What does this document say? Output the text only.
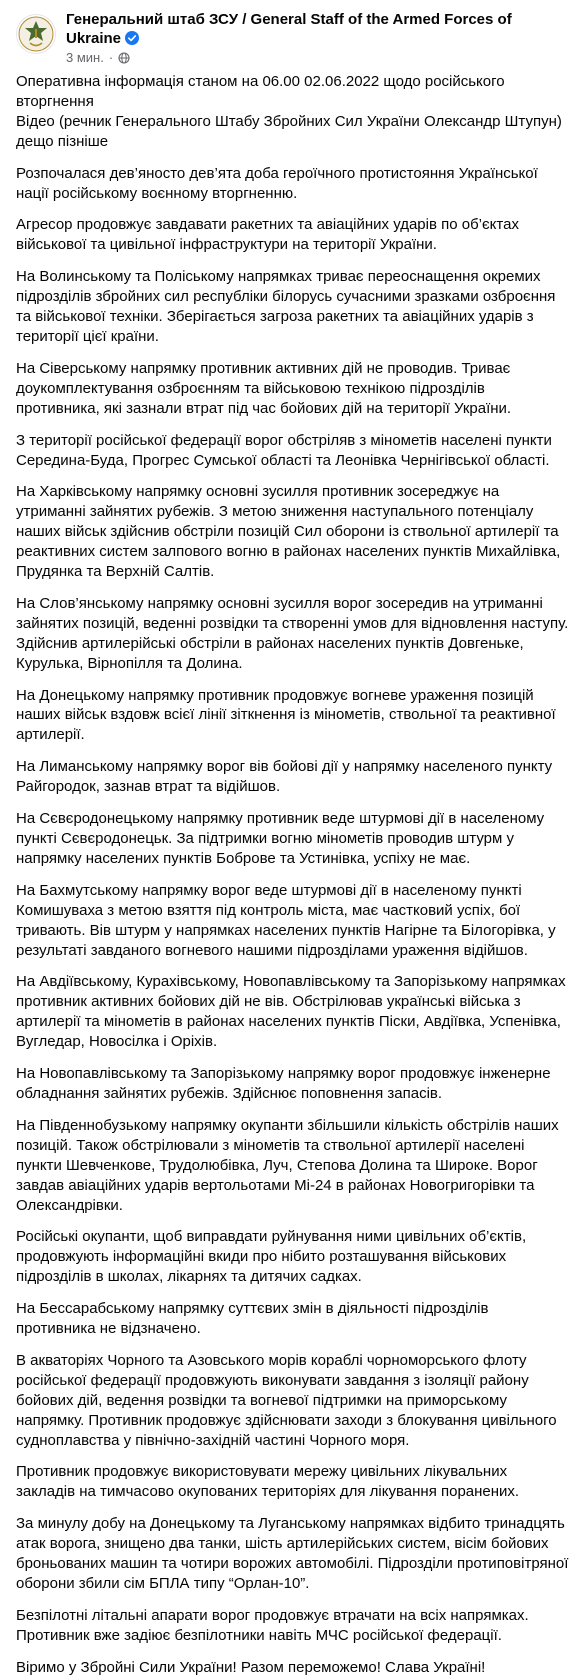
Генеральний штаб ЗСУ / General Staff of the Armed Forces of Ukraine
3 мин. ·

Оперативна інформація станом на 06.00 02.06.2022 щодо російського вторгнення
Відео (речник Генерального Штабу Збройних Сил України Олександр Штупун) дещо пізніше

Розпочалася дев’яносто дев’ята доба героїчного протистояння Українcької нації російському воєнному вторгненню.

Агресор продовжує завдавати ракетних та авіаційних ударів по об’єктах військової та цивільної інфраструктури на території України.

На Волинському та Поліському напрямках триває переоснащення окремих підрозділів збройних сил республіки білорусь сучасними зразками озброєння та військової техніки. Зберігається загроза ракетних та авіаційних ударів з території цієї країни.

На Сіверському напрямку противник активних дій не проводив. Триває доукомплектування озброєнням та військовою технікою підрозділів противника, які зазнали втрат під час бойових дій на території України.

З території російської федерації ворог обстріляв з мінометів населені пункти Середина-Буда, Прогрес Сумської області та Леонівка Чернігівської області.

На Харківському напрямку основні зусилля противник зосереджує на утриманні зайнятих рубежів. З метою зниження наступального потенціалу наших військ здійснив обстріли позицій Сил оборони із ствольної артилерії та реактивних систем залпового вогню в районах населених пунктів Михайлівка, Прудянка та Верхній Салтів.

На Слов’янському напрямку основні зусилля ворог зосередив на утриманні зайнятих позицій, веденні розвідки та створенні умов для відновлення наступу. Здійснив артилерійські обстріли в районах населених пунктів Довгеньке, Курулька, Вірнопілля та Долина.

На Донецькому напрямку противник продовжує вогневе ураження позицій наших військ вздовж всієї лінії зіткнення із мінометів, ствольної та реактивної артилерії.

На Лиманському напрямку ворог вів бойові дії у напрямку населеного пункту Райгородок, зазнав втрат та відійшов.

На Сєвєродонецькому напрямку противник веде штурмові дії в населеному пункті Сєвєродонецьк. За підтримки вогню мінометів проводив штурм у напрямку населених пунктів Боброве та Устинівка, успіху не має.

На Бахмутському напрямку ворог веде штурмові дії в населеному пункті Комишуваха з метою взяття під контроль міста, має частковий успіх, бої тривають. Вів штурм у напрямках населених пунктів Нагірне та Білогорівка, у результаті завданого вогневого нашими підрозділами ураження відійшов.

На Авдіївському, Курахівському, Новопавлівському та Запорізькому напрямках противник активних бойових дій не вів. Обстрілював українські війська з артилерії та мінометів в районах населених пунктів Піски, Авдіївка, Успенівка, Вугледар, Новосілка і Оріхів.

На Новопавлівському та Запорізькому напрямку ворог продовжує інженерне обладнання зайнятих рубежів. Здійснює поповнення запасів.

На Південнобузькому напрямку окупанти збільшили кількість обстрілів наших позицій. Також обстрілювали з мінометів та ствольної артилерії населені пункти Шевченкове, Трудолюбівка, Луч, Степова Долина та Широке. Ворог завдав авіаційних ударів вертольотами Мі-24 в районах Новогригорівки та Олександрівки.

Російські окупанти, щоб виправдати руйнування ними цивільних об’єктів, продовжують інформаційні вкиди про нібито розташування військових підрозділів в школах, лікарнях та дитячих садках.

На Бессарабському напрямку суттєвих змін в діяльності підрозділів противника не відзначено.

В акваторіях Чорного та Азовського морів кораблі чорноморського флоту російської федерації продовжують виконувати завдання з ізоляції району бойових дій, ведення розвідки та вогневої підтримки на приморському напрямку. Противник продовжує здійснювати заходи з блокування цивільного судноплавства у північно-західній частині Чорного моря.

Противник продовжує використовувати мережу цивільних лікувальних закладів на тимчасово окупованих територіях для лікування поранених.

За минулу добу на Донецькому та Луганському напрямках відбито тринадцять атак ворога, знищено два танки, шість артилерійських систем, вісім бойових броньованих машин та чотири ворожих автомобілі. Підрозділи протиповітряної оборони збили сім БПЛА типу “Орлан-10”.

Безпілотні літальні апарати ворог продовжує втрачати на всіх напрямках. Противник вже задіює безпілотники навіть МЧС російської федерації.

Віримо у Збройні Сили України! Разом переможемо! Слава Україні!
